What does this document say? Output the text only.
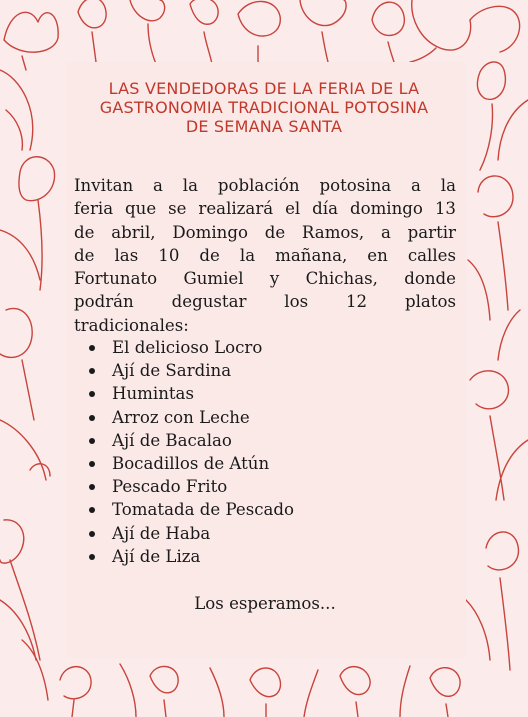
LAS VENDEDORAS DE LA FERIA DE LA
GASTRONOMIA TRADICIONAL POTOSINA
DE SEMANA SANTA

Invitan a la población potosina a la
feria que se realizará el día domingo 13
de abril, Domingo de Ramos, a partir
de las 10 de la mañana, en calles
Fortunato Gumiel y Chichas, donde
podrán degustar los 12 platos
tradicionales:

El delicioso Locro
Ají de Sardina
Humintas
Arroz con Leche
Ají de Bacalao
Bocadillos de Atún
Pescado Frito
Tomatada de Pescado
Ají de Haba
Ají de Liza

Los esperamos...
